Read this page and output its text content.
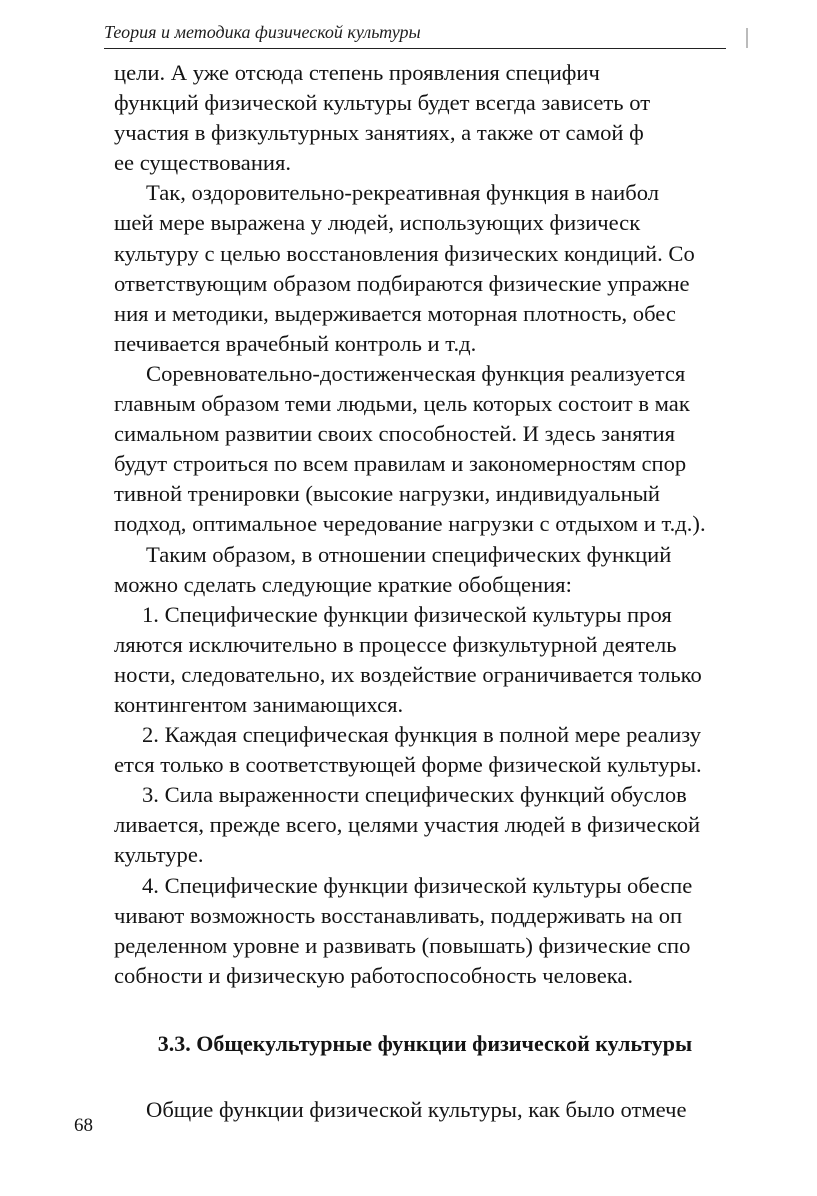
Теория и методика физической культуры

цели. А уже отсюда степень проявления специфич
функций физической культуры будет всегда зависеть от
участия в физкультурных занятиях, а также от самой ф
ее существования.

Так, оздоровительно-рекреативная функция в наибол
шей мере выражена у людей, использующих физическ
культуру с целью восстановления физических кондиций. Со
ответствующим образом подбираются физические упражне
ния и методики, выдерживается моторная плотность, обес
печивается врачебный контроль и т.д.

Соревновательно-достиженческая функция реализуется
главным образом теми людьми, цель которых состоит в мак
симальном развитии своих способностей. И здесь занятия
будут строиться по всем правилам и закономерностям спор
тивной тренировки (высокие нагрузки, индивидуальный
подход, оптимальное чередование нагрузки с отдыхом и т.д.).

Таким образом, в отношении специфических функций
можно сделать следующие краткие обобщения:

1. Специфические функции физической культуры проя
ляются исключительно в процессе физкультурной деятель
ности, следовательно, их воздействие ограничивается только
контингентом занимающихся.

2. Каждая специфическая функция в полной мере реализу
ется только в соответствующей форме физической культуры.

3. Сила выраженности специфических функций обуслов
ливается, прежде всего, целями участия людей в физической
культуре.

4. Специфические функции физической культуры обеспе
чивают возможность восстанавливать, поддерживать на оп
ределенном уровне и развивать (повышать) физические спо
собности и физическую работоспособность человека.

3.3. Общекультурные функции физической культуры

Общие функции физической культуры, как было отмече

68
